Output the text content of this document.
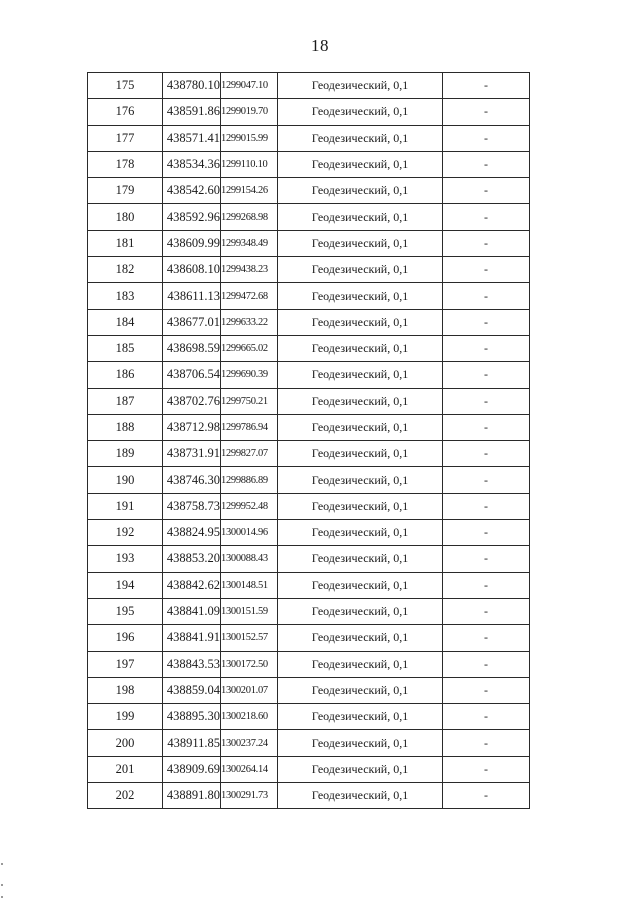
18
175	438780.10	1299047.10	Геодезический, 0,1	-
176	438591.86	1299019.70	Геодезический, 0,1	-
177	438571.41	1299015.99	Геодезический, 0,1	-
178	438534.36	1299110.10	Геодезический, 0,1	-
179	438542.60	1299154.26	Геодезический, 0,1	-
180	438592.96	1299268.98	Геодезический, 0,1	-
181	438609.99	1299348.49	Геодезический, 0,1	-
182	438608.10	1299438.23	Геодезический, 0,1	-
183	438611.13	1299472.68	Геодезический, 0,1	-
184	438677.01	1299633.22	Геодезический, 0,1	-
185	438698.59	1299665.02	Геодезический, 0,1	-
186	438706.54	1299690.39	Геодезический, 0,1	-
187	438702.76	1299750.21	Геодезический, 0,1	-
188	438712.98	1299786.94	Геодезический, 0,1	-
189	438731.91	1299827.07	Геодезический, 0,1	-
190	438746.30	1299886.89	Геодезический, 0,1	-
191	438758.73	1299952.48	Геодезический, 0,1	-
192	438824.95	1300014.96	Геодезический, 0,1	-
193	438853.20	1300088.43	Геодезический, 0,1	-
194	438842.62	1300148.51	Геодезический, 0,1	-
195	438841.09	1300151.59	Геодезический, 0,1	-
196	438841.91	1300152.57	Геодезический, 0,1	-
197	438843.53	1300172.50	Геодезический, 0,1	-
198	438859.04	1300201.07	Геодезический, 0,1	-
199	438895.30	1300218.60	Геодезический, 0,1	-
200	438911.85	1300237.24	Геодезический, 0,1	-
201	438909.69	1300264.14	Геодезический, 0,1	-
202	438891.80	1300291.73	Геодезический, 0,1	-
